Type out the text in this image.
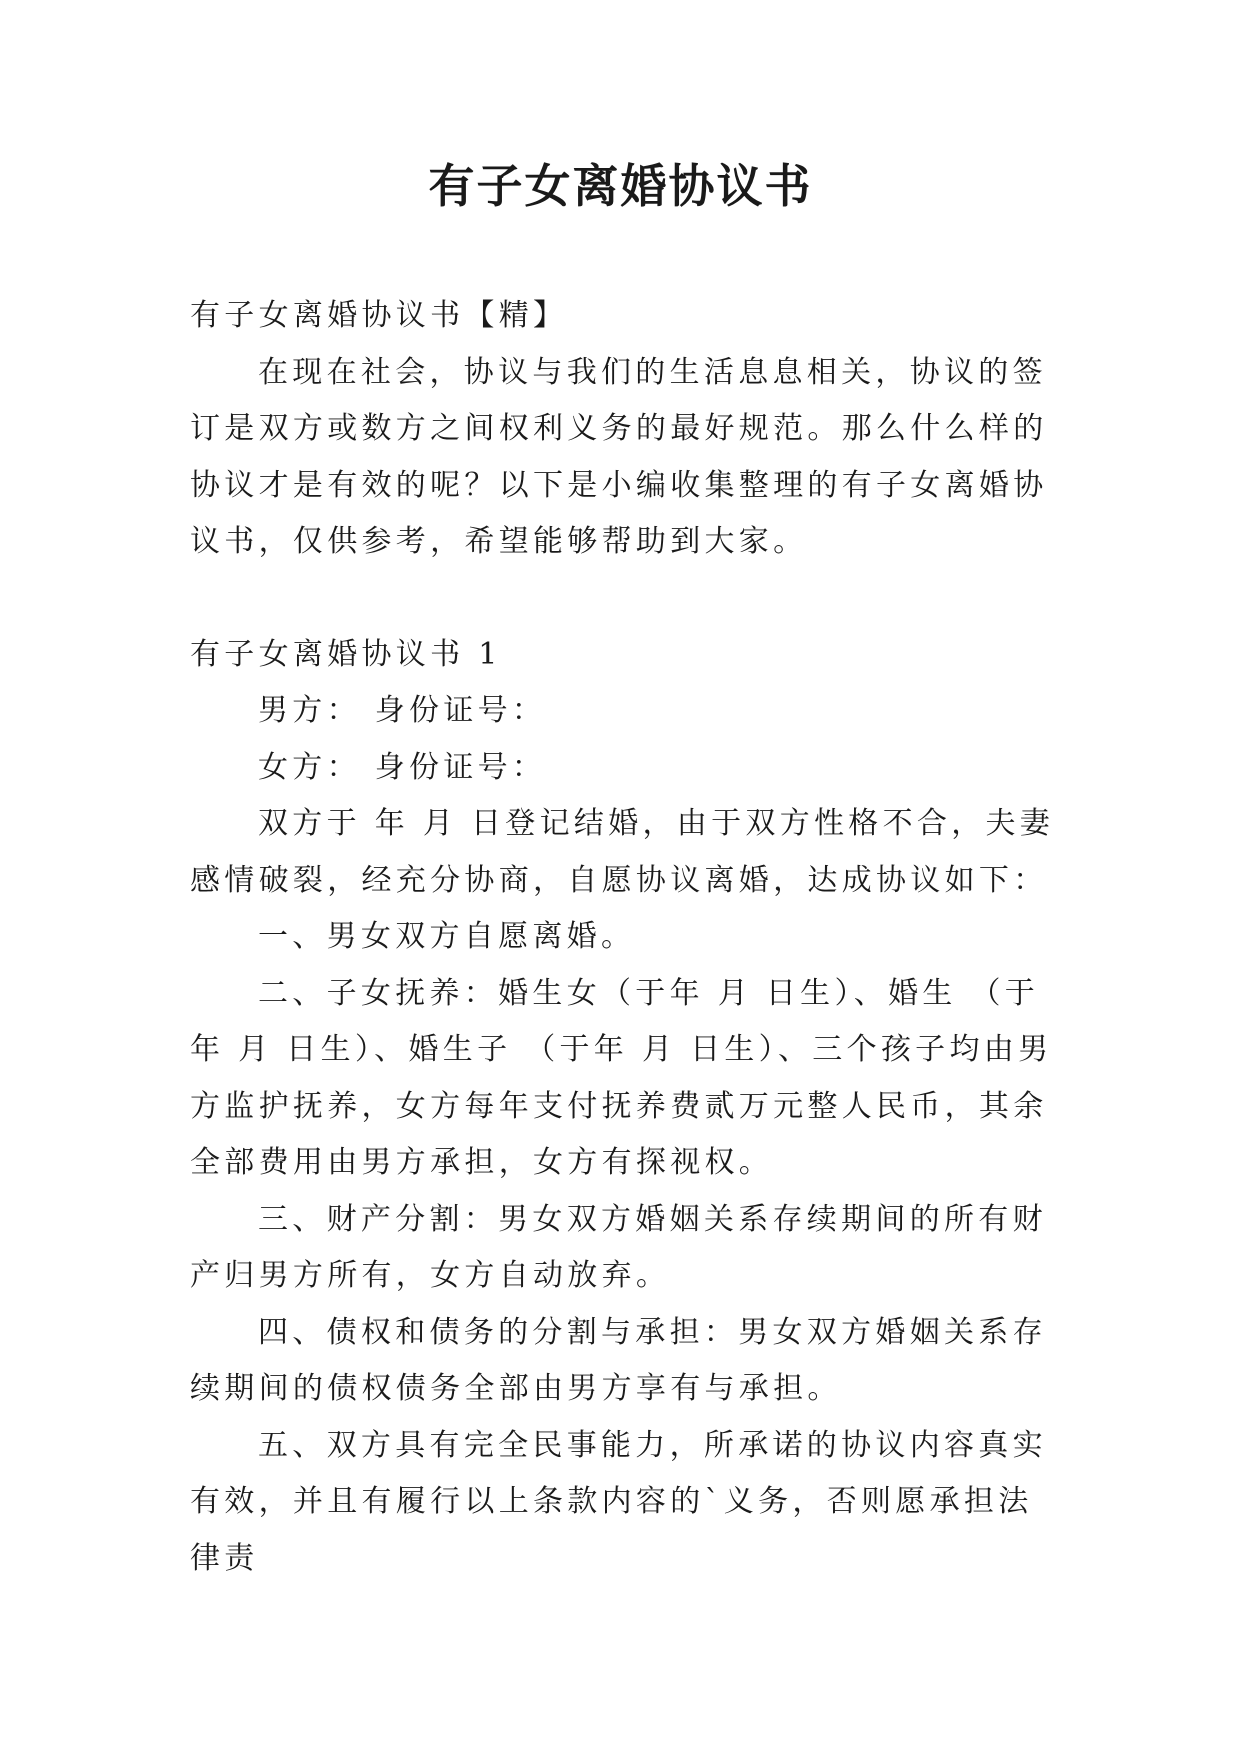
有子女离婚协议书

有子女离婚协议书【精】

在现在社会，协议与我们的生活息息相关，协议的签订是双方或数方之间权利义务的最好规范。那么什么样的协议才是有效的呢？以下是小编收集整理的有子女离婚协议书，仅供参考，希望能够帮助到大家。

有子女离婚协议书 1

男方： 身份证号：

女方： 身份证号：

双方于 年 月 日登记结婚，由于双方性格不合，夫妻感情破裂，经充分协商，自愿协议离婚，达成协议如下：

一、男女双方自愿离婚。

二、子女抚养：婚生女（于年 月 日生）、婚生 （于年 月 日生）、婚生子 （于年 月 日生）、三个孩子均由男方监护抚养，女方每年支付抚养费贰万元整人民币，其余全部费用由男方承担，女方有探视权。

三、财产分割：男女双方婚姻关系存续期间的所有财产归男方所有，女方自动放弃。

四、债权和债务的分割与承担：男女双方婚姻关系存续期间的债权债务全部由男方享有与承担。

五、双方具有完全民事能力，所承诺的协议内容真实有效，并且有履行以上条款内容的`义务，否则愿承担法律责
